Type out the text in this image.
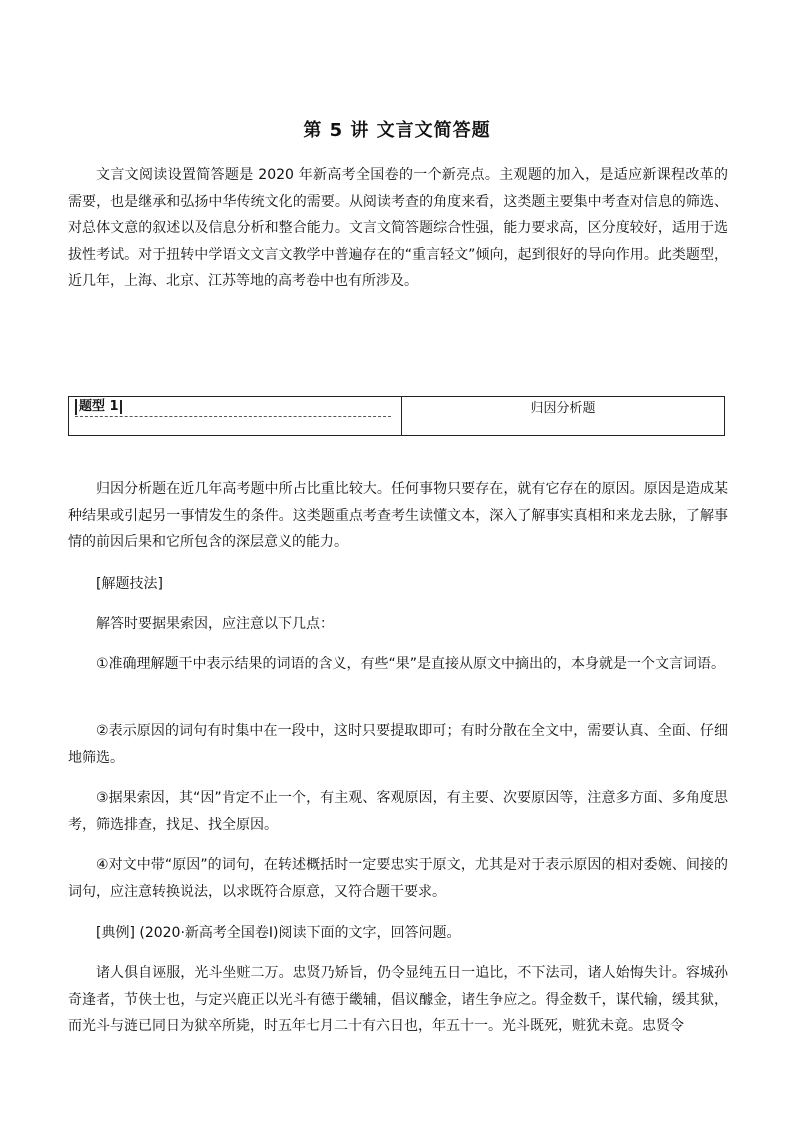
第 5 讲 文言文简答题

文言文阅读设置简答题是 2020 年新高考全国卷的一个新亮点。主观题的加入，是适应新课程改革的需要，也是继承和弘扬中华传统文化的需要。从阅读考查的角度来看，这类题主要集中考查对信息的筛选、对总体文意的叙述以及信息分析和整合能力。文言文简答题综合性强，能力要求高，区分度较好，适用于选拔性考试。对于扭转中学语文文言文教学中普遍存在的“重言轻文”倾向，起到很好的导向作用。此类题型，近几年，上海、北京、江苏等地的高考卷中也有所涉及。

题型 1	归因分析题

归因分析题在近几年高考题中所占比重比较大。任何事物只要存在，就有它存在的原因。原因是造成某种结果或引起另一事情发生的条件。这类题重点考查考生读懂文本，深入了解事实真相和来龙去脉，了解事情的前因后果和它所包含的深层意义的能力。

[解题技法]

解答时要据果索因，应注意以下几点：

①准确理解题干中表示结果的词语的含义，有些“果”是直接从原文中摘出的，本身就是一个文言词语。

②表示原因的词句有时集中在一段中，这时只要提取即可；有时分散在全文中，需要认真、全面、仔细地筛选。

③据果索因，其“因”肯定不止一个，有主观、客观原因，有主要、次要原因等，注意多方面、多角度思考，筛选排查，找足、找全原因。

④对文中带“原因”的词句，在转述概括时一定要忠实于原文，尤其是对于表示原因的相对委婉、间接的词句，应注意转换说法，以求既符合原意，又符合题干要求。

[典例] (2020·新高考全国卷Ⅰ)阅读下面的文字，回答问题。

诸人俱自诬服，光斗坐赃二万。忠贤乃矫旨，仍令显纯五日一追比，不下法司，诸人始悔失计。容城孙奇逢者，节侠士也，与定兴鹿正以光斗有德于畿辅，倡议醵金，诸生争应之。得金数千，谋代输，缓其狱，而光斗与涟已同日为狱卒所毙，时五年七月二十有六日也，年五十一。光斗既死，赃犹未竟。忠贤令
